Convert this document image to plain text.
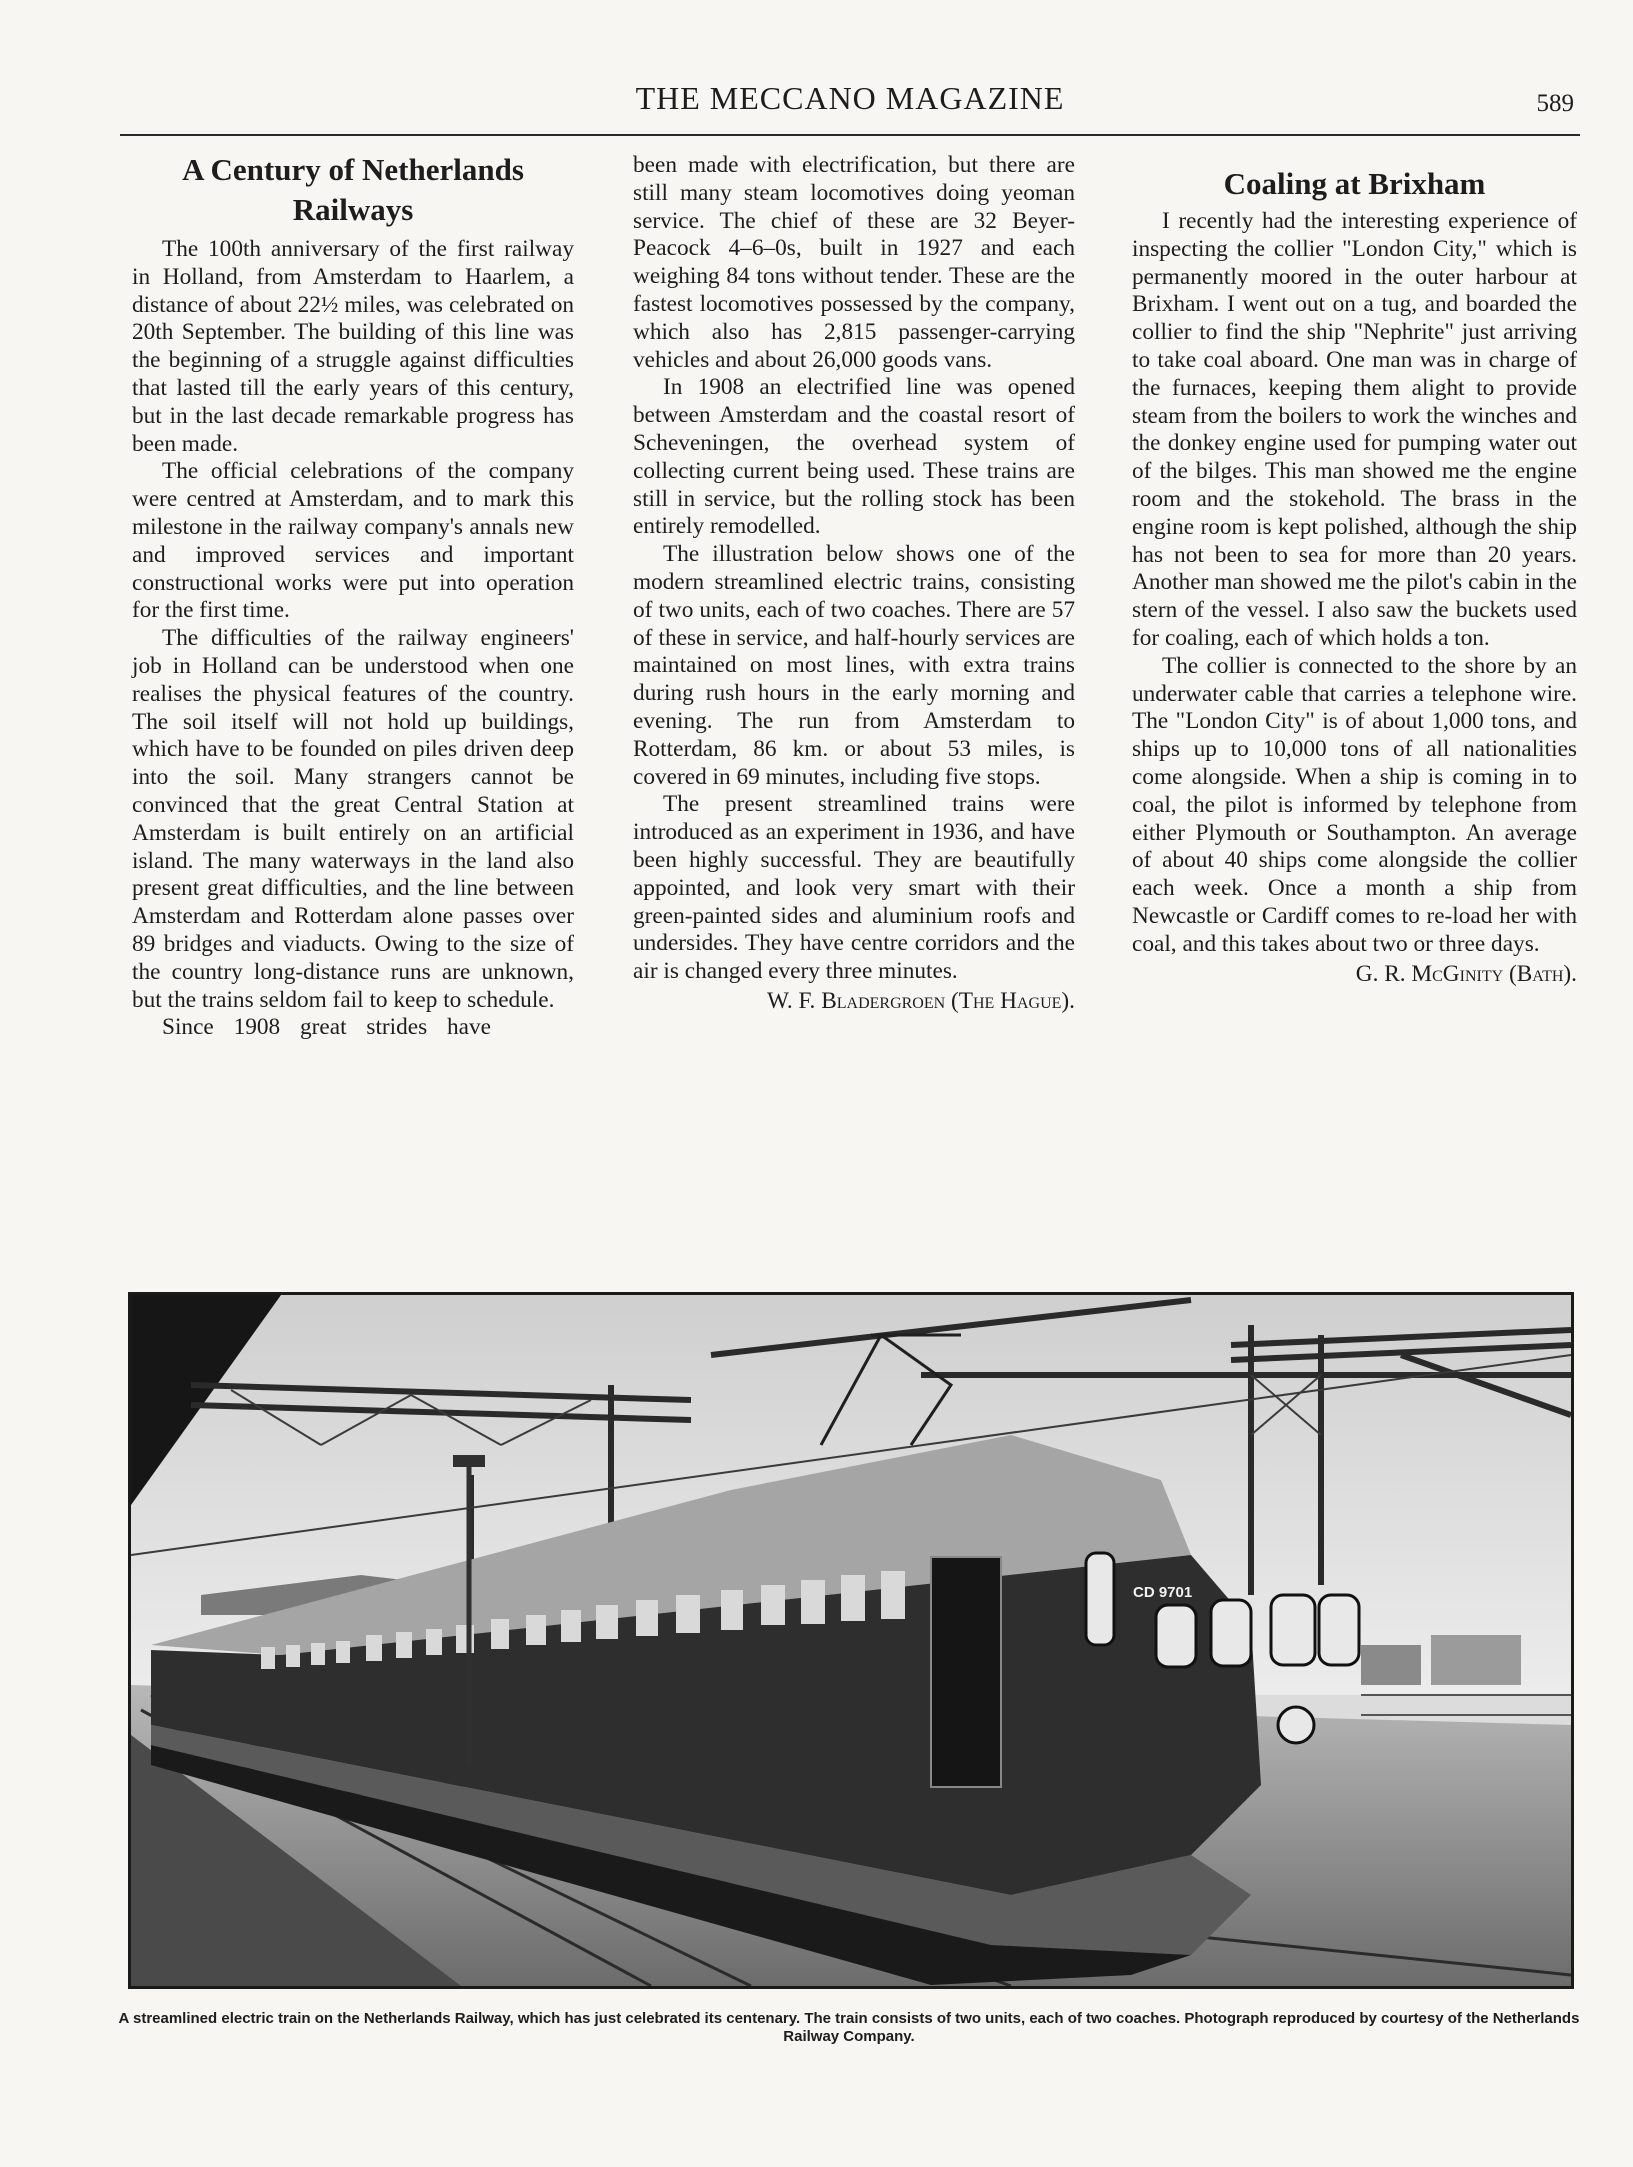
THE MECCANO MAGAZINE	589
A Century of Netherlands Railways

The 100th anniversary of the first railway in Holland, from Amsterdam to Haarlem, a distance of about 22½ miles, was celebrated on 20th September. The building of this line was the beginning of a struggle against difficulties that lasted till the early years of this century, but in the last decade remarkable progress has been made.

The official celebrations of the company were centred at Amsterdam, and to mark this milestone in the railway company's annals new and improved services and important constructional works were put into operation for the first time.

The difficulties of the railway engineers' job in Holland can be understood when one realises the physical features of the country. The soil itself will not hold up buildings, which have to be founded on piles driven deep into the soil. Many strangers cannot be convinced that the great Central Station at Amsterdam is built entirely on an artificial island. The many waterways in the land also present great difficulties, and the line between Amsterdam and Rotterdam alone passes over 89 bridges and viaducts. Owing to the size of the country long-distance runs are unknown, but the trains seldom fail to keep to schedule.

Since 1908 great strides have

been made with electrification, but there are still many steam locomotives doing yeoman service. The chief of these are 32 Beyer-Peacock 4–6–0s, built in 1927 and each weighing 84 tons without tender. These are the fastest locomotives possessed by the company, which also has 2,815 passenger-carrying vehicles and about 26,000 goods vans.

In 1908 an electrified line was opened between Amsterdam and the coastal resort of Scheveningen, the overhead system of collecting current being used. These trains are still in service, but the rolling stock has been entirely remodelled.

The illustration below shows one of the modern streamlined electric trains, consisting of two units, each of two coaches. There are 57 of these in service, and half-hourly services are maintained on most lines, with extra trains during rush hours in the early morning and evening. The run from Amsterdam to Rotterdam, 86 km. or about 53 miles, is covered in 69 minutes, including five stops.

The present streamlined trains were introduced as an experiment in 1936, and have been highly successful. They are beautifully appointed, and look very smart with their green-painted sides and aluminium roofs and undersides. They have centre corridors and the air is changed every three minutes.

W. F. Bladergroen (The Hague).

Coaling at Brixham

I recently had the interesting experience of inspecting the collier "London City," which is permanently moored in the outer harbour at Brixham. I went out on a tug, and boarded the collier to find the ship "Nephrite" just arriving to take coal aboard. One man was in charge of the furnaces, keeping them alight to provide steam from the boilers to work the winches and the donkey engine used for pumping water out of the bilges. This man showed me the engine room and the stokehold. The brass in the engine room is kept polished, although the ship has not been to sea for more than 20 years. Another man showed me the pilot's cabin in the stern of the vessel. I also saw the buckets used for coaling, each of which holds a ton.

The collier is connected to the shore by an underwater cable that carries a telephone wire. The "London City" is of about 1,000 tons, and ships up to 10,000 tons of all nationalities come alongside. When a ship is coming in to coal, the pilot is informed by telephone from either Plymouth or Southampton. An average of about 40 ships come alongside the collier each week. Once a month a ship from Newcastle or Cardiff comes to re-load her with coal, and this takes about two or three days.

G. R. McGinity (Bath).

CD 9701
A streamlined electric train on the Netherlands Railway, which has just celebrated its centenary. The train consists of two units, each of two coaches. Photograph reproduced by courtesy of the Netherlands Railway Company.
